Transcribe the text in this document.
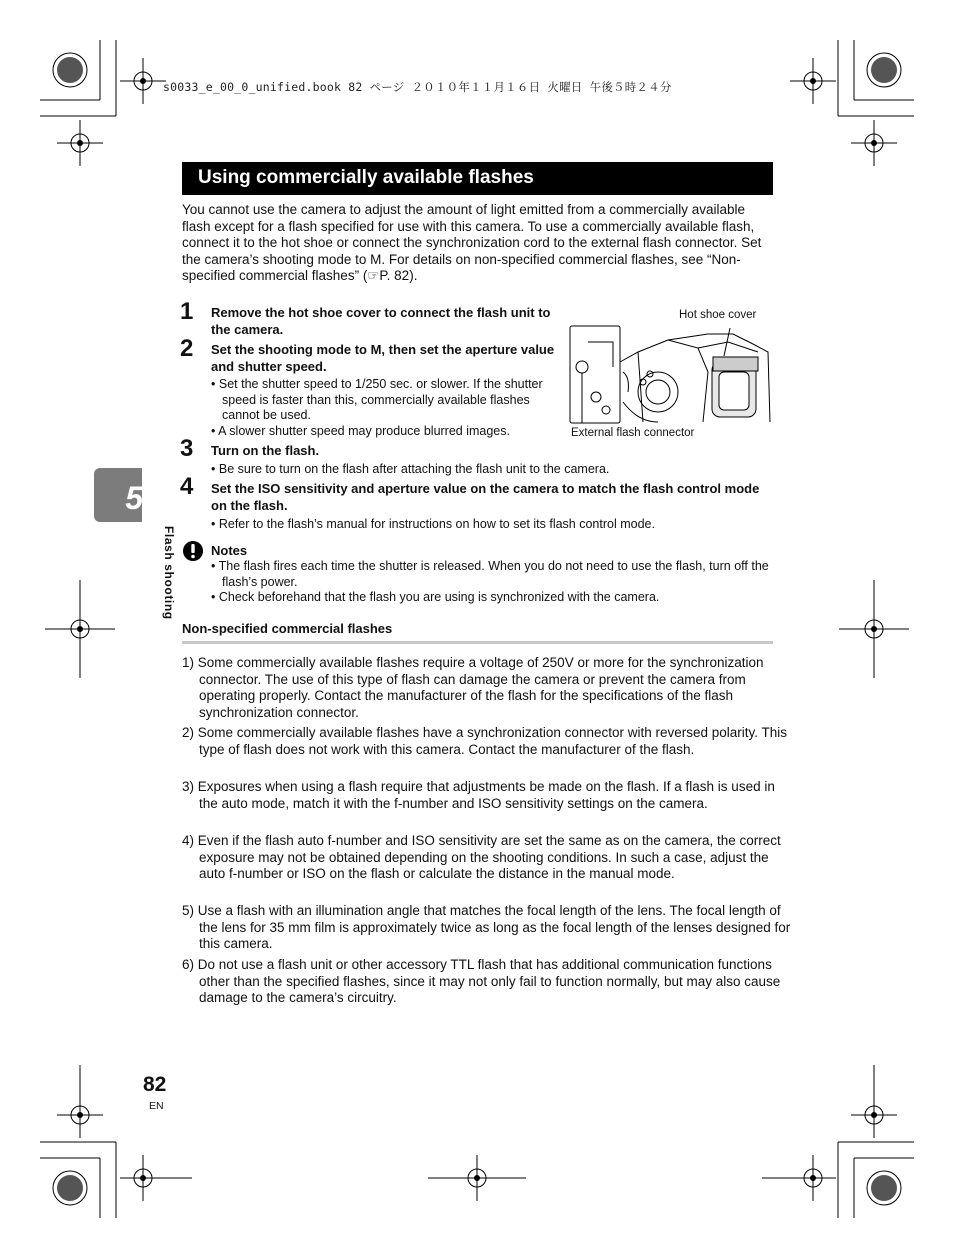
s0033_e_00_0_unified.book 82 ページ ２０１０年１１月１６日 火曜日 午後５時２４分
Using commercially available flashes
You cannot use the camera to adjust the amount of light emitted from a commercially available flash except for a flash specified for use with this camera. To use a commercially available flash, connect it to the hot shoe or connect the synchronization cord to the external flash connector. Set the camera’s shooting mode to M. For details on non-specified commercial flashes, see “Non-specified commercial flashes” (☞P. 82).
1 Remove the hot shoe cover to connect the flash unit to the camera.
2 Set the shooting mode to M, then set the aperture value and shutter speed.
• Set the shutter speed to 1/250 sec. or slower. If the shutter speed is faster than this, commercially available flashes cannot be used.
• A slower shutter speed may produce blurred images.
3 Turn on the flash.
• Be sure to turn on the flash after attaching the flash unit to the camera.
4 Set the ISO sensitivity and aperture value on the camera to match the flash control mode on the flash.
• Refer to the flash’s manual for instructions on how to set its flash control mode.
Hot shoe cover
External flash connector
5
Flash shooting	Notes
• The flash fires each time the shutter is released. When you do not need to use the flash, turn off the flash’s power.
• Check beforehand that the flash you are using is synchronized with the camera.
Non-specified commercial flashes
1) Some commercially available flashes require a voltage of 250V or more for the synchronization connector. The use of this type of flash can damage the camera or prevent the camera from operating properly. Contact the manufacturer of the flash for the specifications of the flash synchronization connector.
2) Some commercially available flashes have a synchronization connector with reversed polarity. This type of flash does not work with this camera. Contact the manufacturer of the flash.
3) Exposures when using a flash require that adjustments be made on the flash. If a flash is used in the auto mode, match it with the f-number and ISO sensitivity settings on the camera.
4) Even if the flash auto f-number and ISO sensitivity are set the same as on the camera, the correct exposure may not be obtained depending on the shooting conditions. In such a case, adjust the auto f-number or ISO on the flash or calculate the distance in the manual mode.
5) Use a flash with an illumination angle that matches the focal length of the lens. The focal length of the lens for 35 mm film is approximately twice as long as the focal length of the lenses designed for this camera.
6) Do not use a flash unit or other accessory TTL flash that has additional communication functions other than the specified flashes, since it may not only fail to function normally, but may also cause damage to the camera’s circuitry.
82
EN
